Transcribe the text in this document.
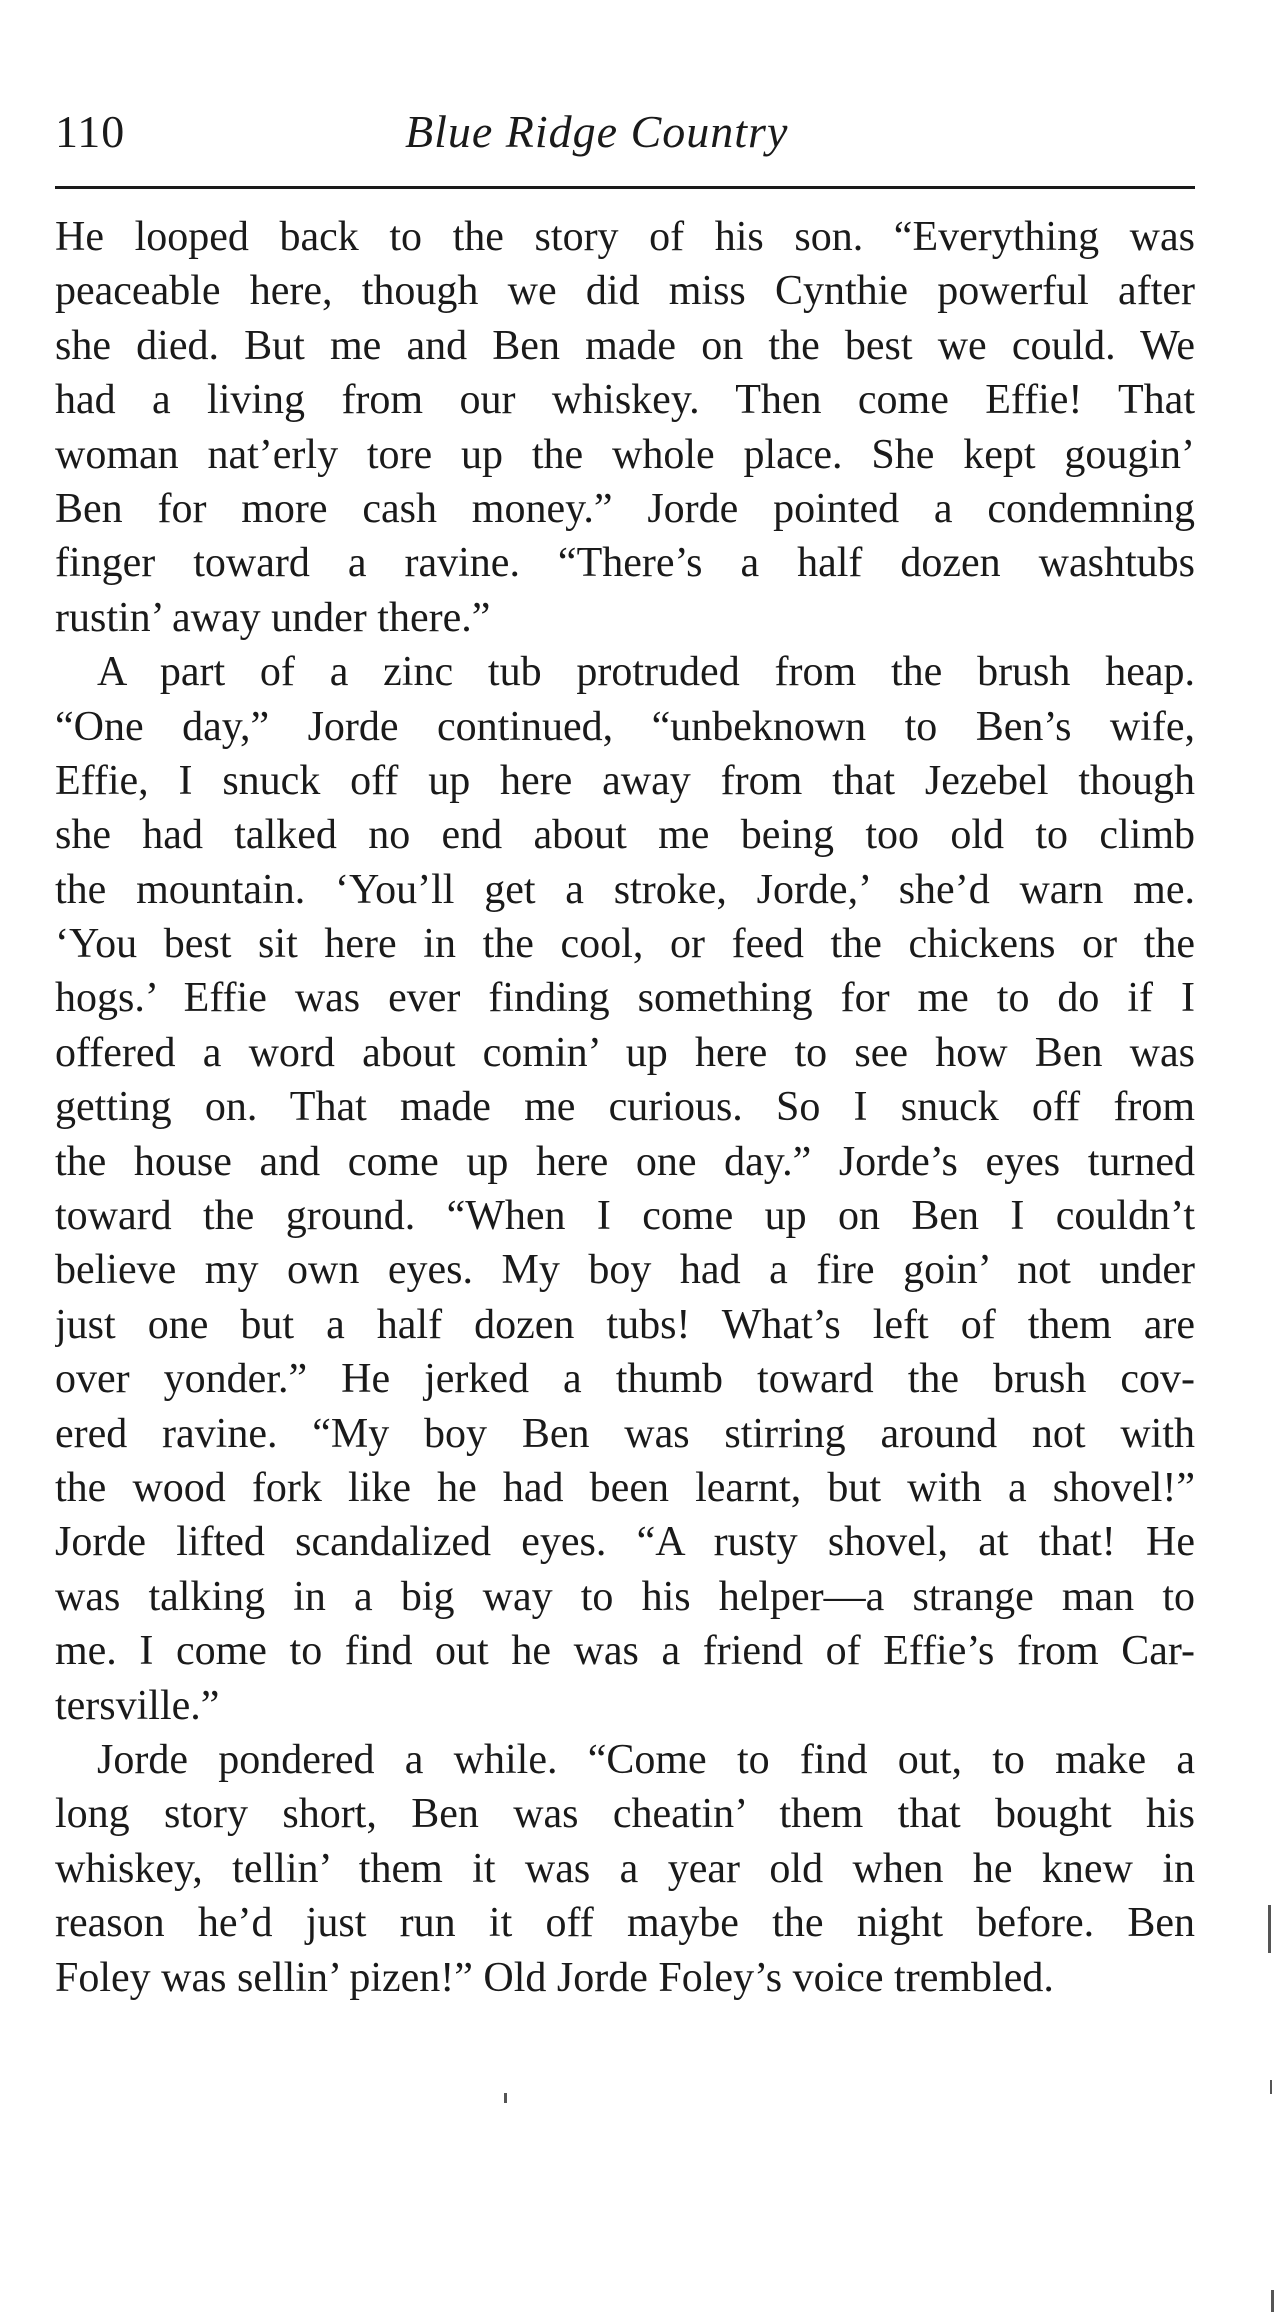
110	Blue Ridge Country
He looped back to the story of his son. “Everything was
peaceable here, though we did miss Cynthie powerful after
she died. But me and Ben made on the best we could. We
had a living from our whiskey. Then come Effie! That
woman nat’erly tore up the whole place. She kept gougin’
Ben for more cash money.” Jorde pointed a condemning
finger toward a ravine. “There’s a half dozen washtubs
rustin’ away under there.”
A part of a zinc tub protruded from the brush heap.
“One day,” Jorde continued, “unbeknown to Ben’s wife,
Effie, I snuck off up here away from that Jezebel though
she had talked no end about me being too old to climb
the mountain. ‘You’ll get a stroke, Jorde,’ she’d warn me.
‘You best sit here in the cool, or feed the chickens or the
hogs.’ Effie was ever finding something for me to do if I
offered a word about comin’ up here to see how Ben was
getting on. That made me curious. So I snuck off from
the house and come up here one day.” Jorde’s eyes turned
toward the ground. “When I come up on Ben I couldn’t
believe my own eyes. My boy had a fire goin’ not under
just one but a half dozen tubs! What’s left of them are
over yonder.” He jerked a thumb toward the brush cov-
ered ravine. “My boy Ben was stirring around not with
the wood fork like he had been learnt, but with a shovel!”
Jorde lifted scandalized eyes. “A rusty shovel, at that! He
was talking in a big way to his helper—a strange man to
me. I come to find out he was a friend of Effie’s from Car-
tersville.”
Jorde pondered a while. “Come to find out, to make a
long story short, Ben was cheatin’ them that bought his
whiskey, tellin’ them it was a year old when he knew in
reason he’d just run it off maybe the night before. Ben
Foley was sellin’ pizen!” Old Jorde Foley’s voice trembled.
